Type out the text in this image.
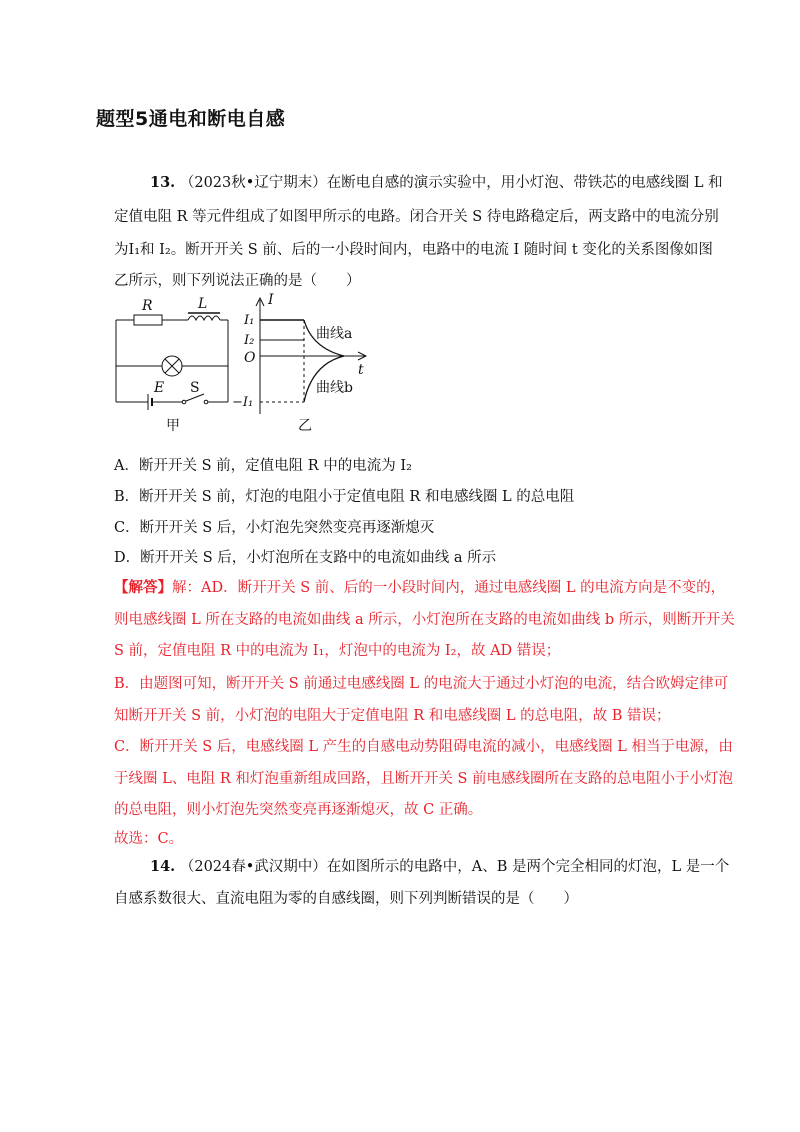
题型5通电和断电自感
13. （2023秋•辽宁期末）在断电自感的演示实验中，用小灯泡、带铁芯的电感线圈 L 和
定值电阻 R 等元件组成了如图甲所示的电路。闭合开关 S 待电路稳定后，两支路中的电流分别
为I₁和 I₂。断开开关 S 前、后的一小段时间内，电路中的电流 I 随时间 t 变化的关系图像如图
乙所示，则下列说法正确的是（　　）
R	L
E S
甲
I
t
O
I₁
I₂
−I₁
曲线a
曲线b
乙
A．断开开关 S 前，定值电阻 R 中的电流为 I₂
B．断开开关 S 前，灯泡的电阻小于定值电阻 R 和电感线圈 L 的总电阻
C．断开开关 S 后，小灯泡先突然变亮再逐渐熄灭
D．断开开关 S 后，小灯泡所在支路中的电流如曲线 a 所示
【解答】解：AD．断开开关 S 前、后的一小段时间内，通过电感线圈 L 的电流方向是不变的，
则电感线圈 L 所在支路的电流如曲线 a 所示，小灯泡所在支路的电流如曲线 b 所示，则断开开关
S 前，定值电阻 R 中的电流为 I₁，灯泡中的电流为 I₂，故 AD 错误；
B．由题图可知，断开开关 S 前通过电感线圈 L 的电流大于通过小灯泡的电流，结合欧姆定律可
知断开开关 S 前，小灯泡的电阻大于定值电阻 R 和电感线圈 L 的总电阻，故 B 错误；
C．断开开关 S 后，电感线圈 L 产生的自感电动势阻碍电流的减小，电感线圈 L 相当于电源，由
于线圈 L、电阻 R 和灯泡重新组成回路，且断开开关 S 前电感线圈所在支路的总电阻小于小灯泡
的总电阻，则小灯泡先突然变亮再逐渐熄灭，故 C 正确。
故选：C。
14. （2024春•武汉期中）在如图所示的电路中，A、B 是两个完全相同的灯泡，L 是一个
自感系数很大、直流电阻为零的自感线圈，则下列判断错误的是（　　）
